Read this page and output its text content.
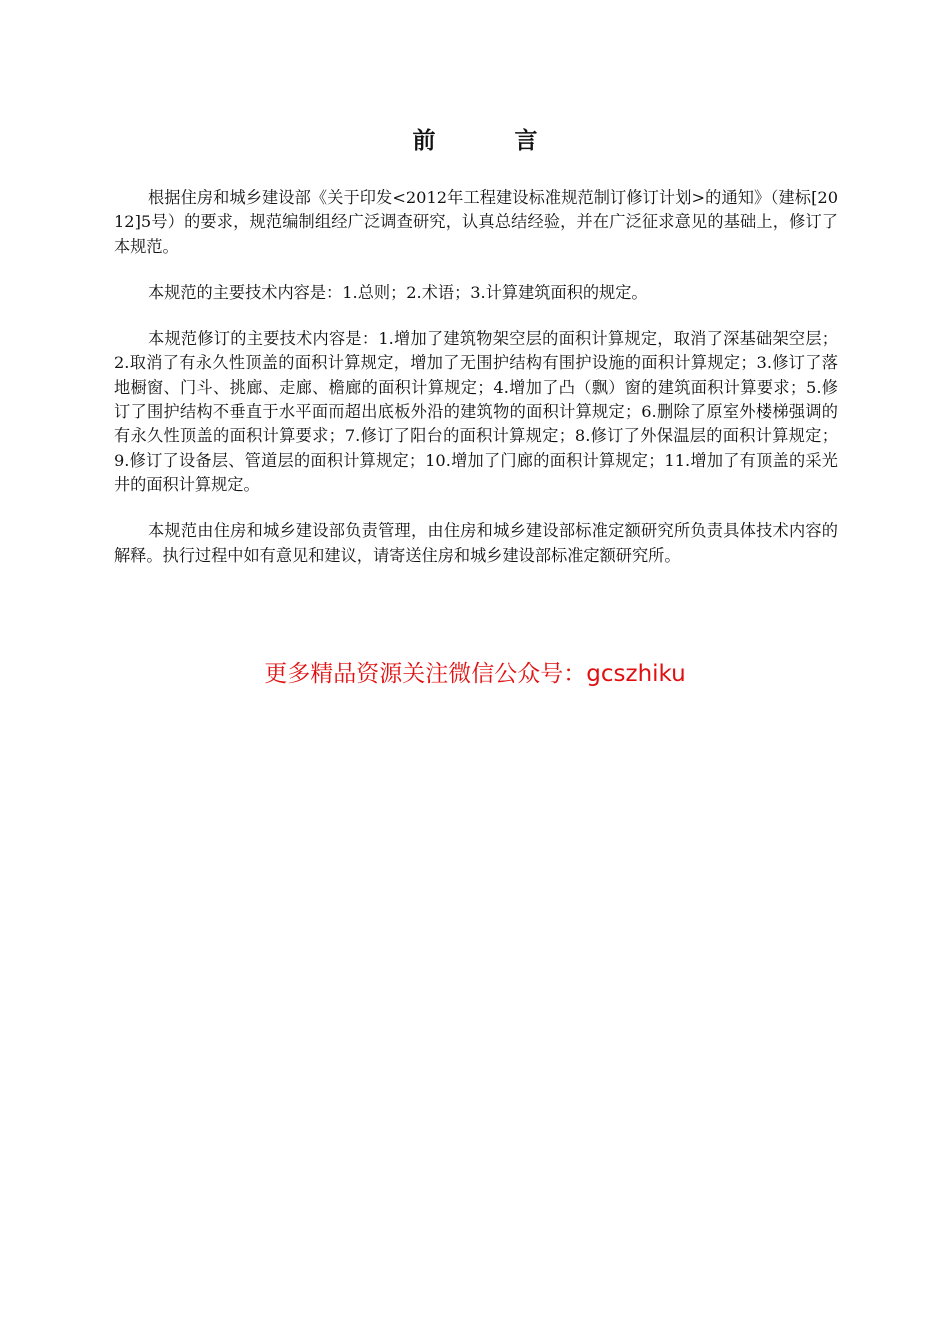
前　言

根据住房和城乡建设部《关于印发<2012年工程建设标准规范制订修订计划>的通知》（建标[2012]5号）的要求，规范编制组经广泛调查研究，认真总结经验，并在广泛征求意见的基础上，修订了本规范。

本规范的主要技术内容是：1.总则；2.术语；3.计算建筑面积的规定。

本规范修订的主要技术内容是：1.增加了建筑物架空层的面积计算规定，取消了深基础架空层；2.取消了有永久性顶盖的面积计算规定，增加了无围护结构有围护设施的面积计算规定；3.修订了落地橱窗、门斗、挑廊、走廊、檐廊的面积计算规定；4.增加了凸（飘）窗的建筑面积计算要求；5.修订了围护结构不垂直于水平面而超出底板外沿的建筑物的面积计算规定；6.删除了原室外楼梯强调的有永久性顶盖的面积计算要求；7.修订了阳台的面积计算规定；8.修订了外保温层的面积计算规定；9.修订了设备层、管道层的面积计算规定；10.增加了门廊的面积计算规定；11.增加了有顶盖的采光井的面积计算规定。

本规范由住房和城乡建设部负责管理，由住房和城乡建设部标准定额研究所负责具体技术内容的解释。执行过程中如有意见和建议，请寄送住房和城乡建设部标准定额研究所。

更多精品资源关注微信公众号：gcszhiku
